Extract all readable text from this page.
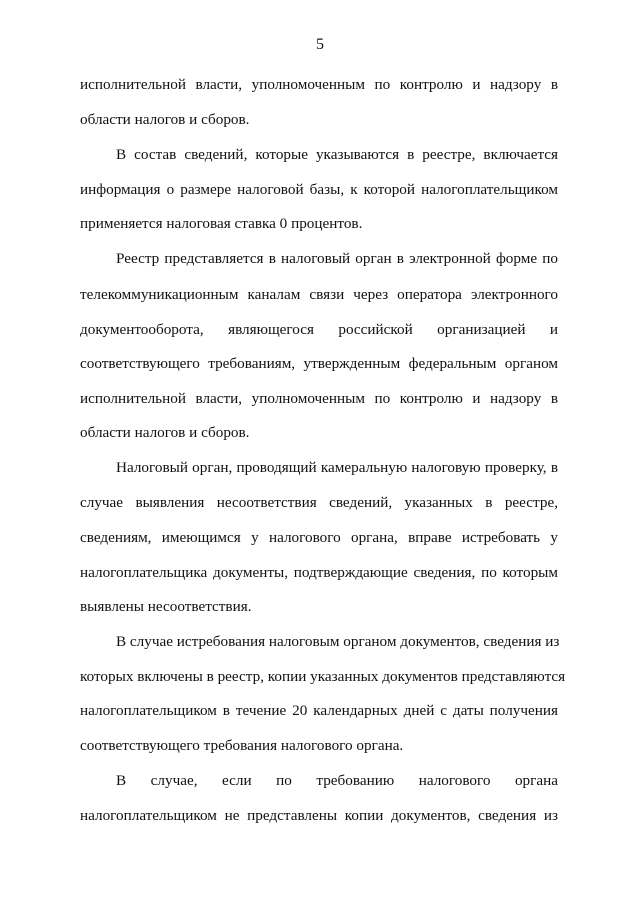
5
исполнительной власти, уполномоченным по контролю и надзору в
области налогов и сборов.
В состав сведений, которые указываются в реестре, включается
информация о размере налоговой базы, к которой налогоплательщиком
применяется налоговая ставка 0 процентов.
Реестр представляется в налоговый орган в электронной форме по
телекоммуникационным каналам связи через оператора электронного
документооборота, являющегося российской организацией и
соответствующего требованиям, утвержденным федеральным органом
исполнительной власти, уполномоченным по контролю и надзору в
области налогов и сборов.
Налоговый орган, проводящий камеральную налоговую проверку, в
случае выявления несоответствия сведений, указанных в реестре,
сведениям, имеющимся у налогового органа, вправе истребовать у
налогоплательщика документы, подтверждающие сведения, по которым
выявлены несоответствия.
В случае истребования налоговым органом документов, сведения из
которых включены в реестр, копии указанных документов представляются
налогоплательщиком в течение 20 календарных дней с даты получения
соответствующего требования налогового органа.
В случае, если по требованию налогового органа
налогоплательщиком не представлены копии документов, сведения из
